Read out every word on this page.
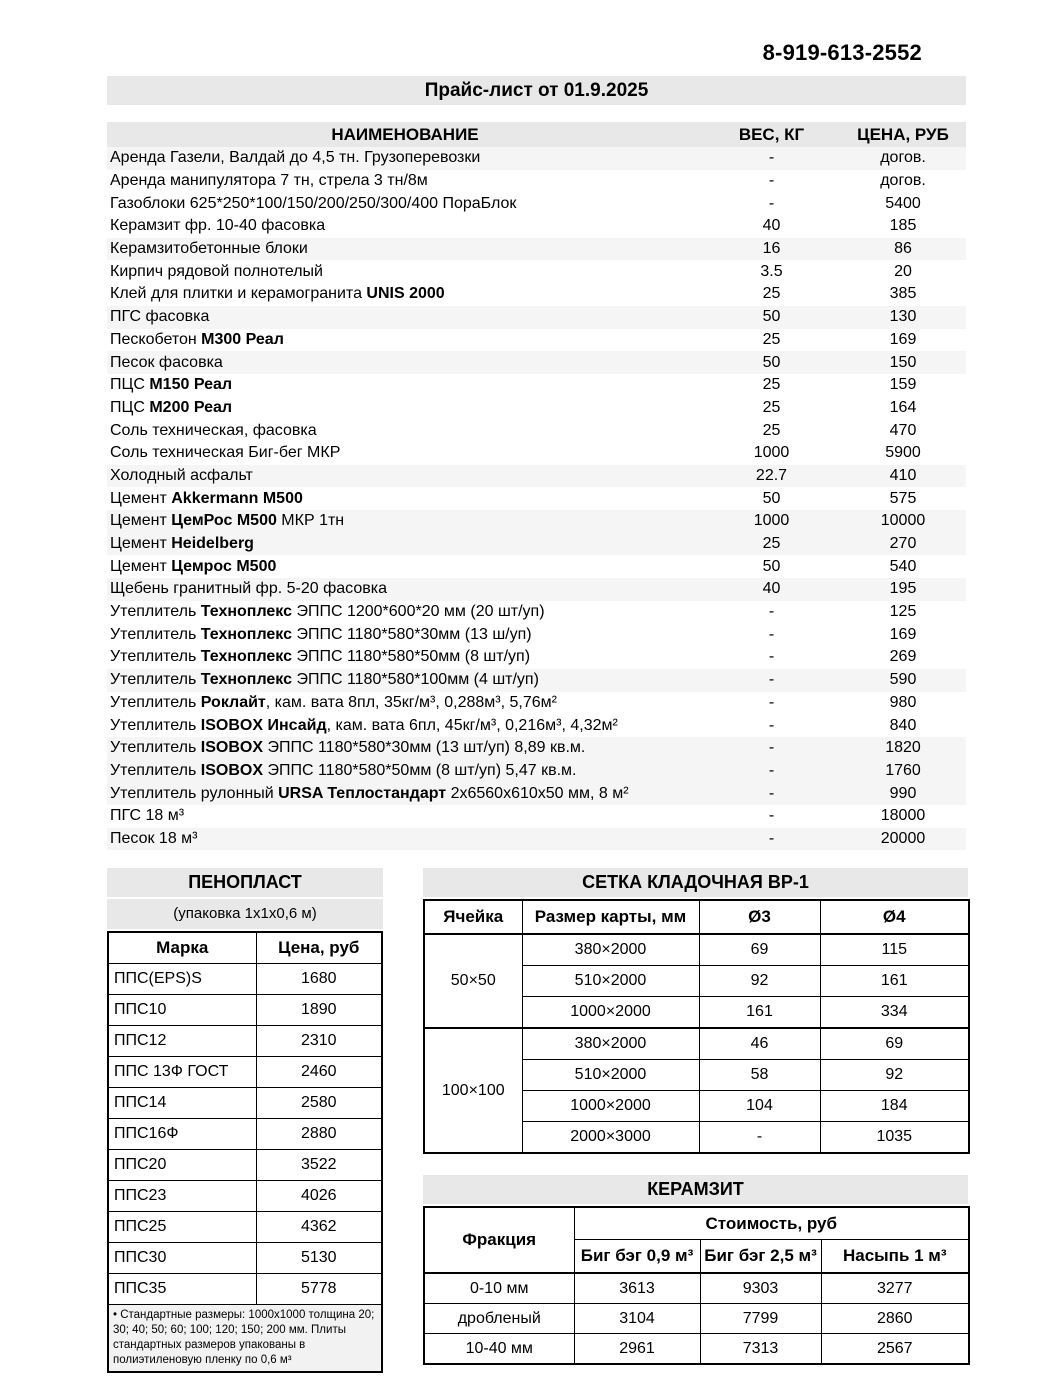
8-919-613-2552
Прайс-лист от 01.9.2025
НАИМЕНОВАНИЕ	ВЕС, КГ	ЦЕНА, РУБ
Аренда Газели, Валдай до 4,5 тн. Грузоперевозки	-	догов.
Аренда манипулятора 7 тн, стрела 3 тн/8м	-	догов.
Газоблоки 625*250*100/150/200/250/300/400 ПораБлок	-	5400
Керамзит фр. 10-40 фасовка	40	185
Керамзитобетонные блоки	16	86
Кирпич рядовой полнотелый	3.5	20
Клей для плитки и керамогранита UNIS 2000	25	385
ПГС фасовка	50	130
Пескобетон М300 Реал	25	169
Песок фасовка	50	150
ПЦС М150 Реал	25	159
ПЦС М200 Реал	25	164
Соль техническая, фасовка	25	470
Соль техническая Биг-бег МКР	1000	5900
Холодный асфальт	22.7	410
Цемент Akkermann M500	50	575
Цемент ЦемРос М500 МКР 1тн	1000	10000
Цемент Heidelberg	25	270
Цемент Цемрос М500	50	540
Щебень гранитный фр. 5-20 фасовка	40	195
Утеплитель Техноплекс ЭППС 1200*600*20 мм (20 шт/уп)	-	125
Утеплитель Техноплекс ЭППС 1180*580*30мм (13 ш/уп)	-	169
Утеплитель Техноплекс ЭППС 1180*580*50мм (8 шт/уп)	-	269
Утеплитель Техноплекс ЭППС 1180*580*100мм (4 шт/уп)	-	590
Утеплитель Роклайт, кам. вата 8пл, 35кг/м³, 0,288м³, 5,76м²	-	980
Утеплитель ISOBOX Инсайд, кам. вата 6пл, 45кг/м³, 0,216м³, 4,32м²	-	840
Утеплитель ISOBOX ЭППС 1180*580*30мм (13 шт/уп) 8,89 кв.м.	-	1820
Утеплитель ISOBOX ЭППС 1180*580*50мм (8 шт/уп) 5,47 кв.м.	-	1760
Утеплитель рулонный URSA Теплостандарт 2х6560х610х50 мм, 8 м²	-	990
ПГС 18 м³	-	18000
Песок 18 м³	-	20000
ПЕНОПЛАСТ
(упаковка 1х1х0,6 м)
Марка	Цена, руб
ППС(EPS)S	1680
ППС10	1890
ППС12	2310
ППС 13Ф ГОСТ	2460
ППС14	2580
ППС16Ф	2880
ППС20	3522
ППС23	4026
ППС25	4362
ППС30	5130
ППС35	5778
• Стандартные размеры: 1000х1000 толщина 20; 30; 40; 50; 60; 100; 120; 150; 200 мм. Плиты стандартных размеров упакованы в полиэтиленовую пленку по 0,6 м³	
СЕТКА КЛАДОЧНАЯ ВР-1
Ячейка	Размер карты, мм	Ø3	Ø4
50×50	380×2000	69	115
	510×2000	92	161
	1000×2000	161	334
100×100	380×2000	46	69
	510×2000	58	92
	1000×2000	104	184
	2000×3000	-	1035
КЕРАМЗИТ
Фракция	Стоимость, руб		
	Биг бэг 0,9 м³	Биг бэг 2,5 м³	Насыпь 1 м³
0-10 мм	3613	9303	3277
дробленый	3104	7799	2860
10-40 мм	2961	7313	2567
